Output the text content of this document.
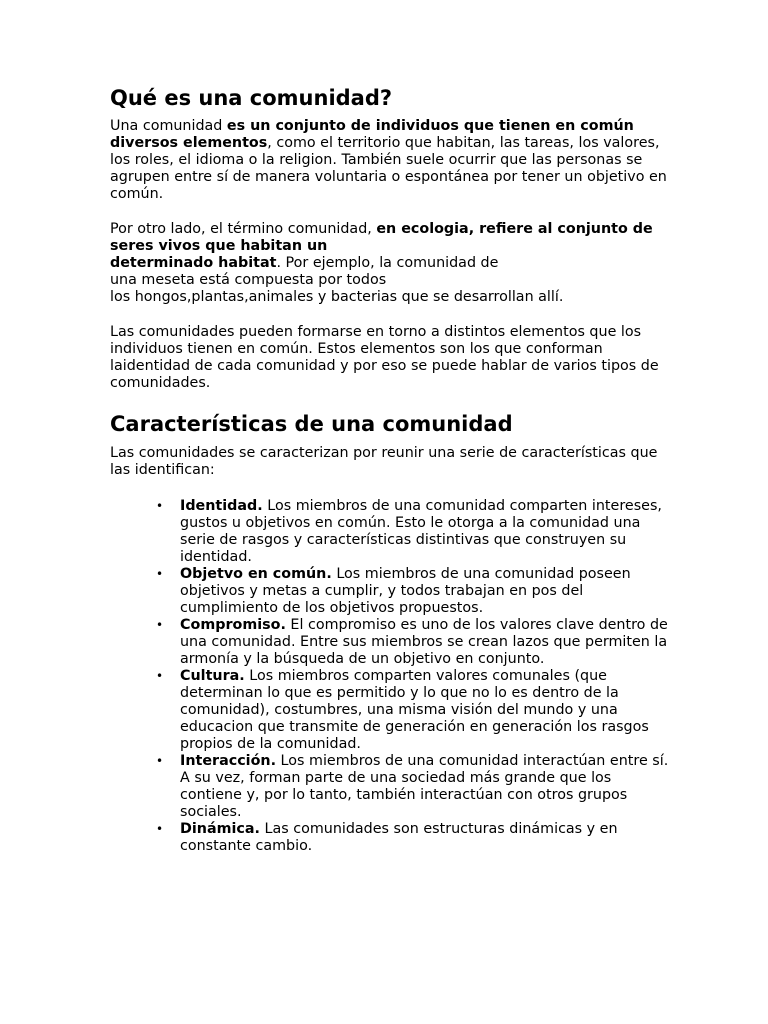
Qué es una comunidad?

Una comunidad es un conjunto de individuos que tienen en común diversos elementos, como el territorio que habitan, las tareas, los valores, los roles, el idioma o la religion. También suele ocurrir que las personas se agrupen entre sí de manera voluntaria o espontánea por tener un objetivo en común.

Por otro lado, el término comunidad, en ecologia, refiere al conjunto de seres vivos que habitan un
determinado habitat. Por ejemplo, la comunidad de
una meseta está compuesta por todos
los hongos,plantas,animales y bacterias que se desarrollan allí.

Las comunidades pueden formarse en torno a distintos elementos que los individuos tienen en común. Estos elementos son los que conforman laidentidad de cada comunidad y por eso se puede hablar de varios tipos de comunidades.

Características de una comunidad

Las comunidades se caracterizan por reunir una serie de características que las identifican:

• Identidad. Los miembros de una comunidad comparten intereses, gustos u objetivos en común. Esto le otorga a la comunidad una serie de rasgos y características distintivas que construyen su identidad.
• Objetvo en común. Los miembros de una comunidad poseen objetivos y metas a cumplir, y todos trabajan en pos del cumplimiento de los objetivos propuestos.
• Compromiso. El compromiso es uno de los valores clave dentro de una comunidad. Entre sus miembros se crean lazos que permiten la armonía y la búsqueda de un objetivo en conjunto.
• Cultura. Los miembros comparten valores comunales (que determinan lo que es permitido y lo que no lo es dentro de la comunidad), costumbres, una misma visión del mundo y una educacion que transmite de generación en generación los rasgos propios de la comunidad.
• Interacción. Los miembros de una comunidad interactúan entre sí. A su vez, forman parte de una sociedad más grande que los contiene y, por lo tanto, también interactúan con otros grupos sociales.
• Dinámica. Las comunidades son estructuras dinámicas y en constante cambio.
